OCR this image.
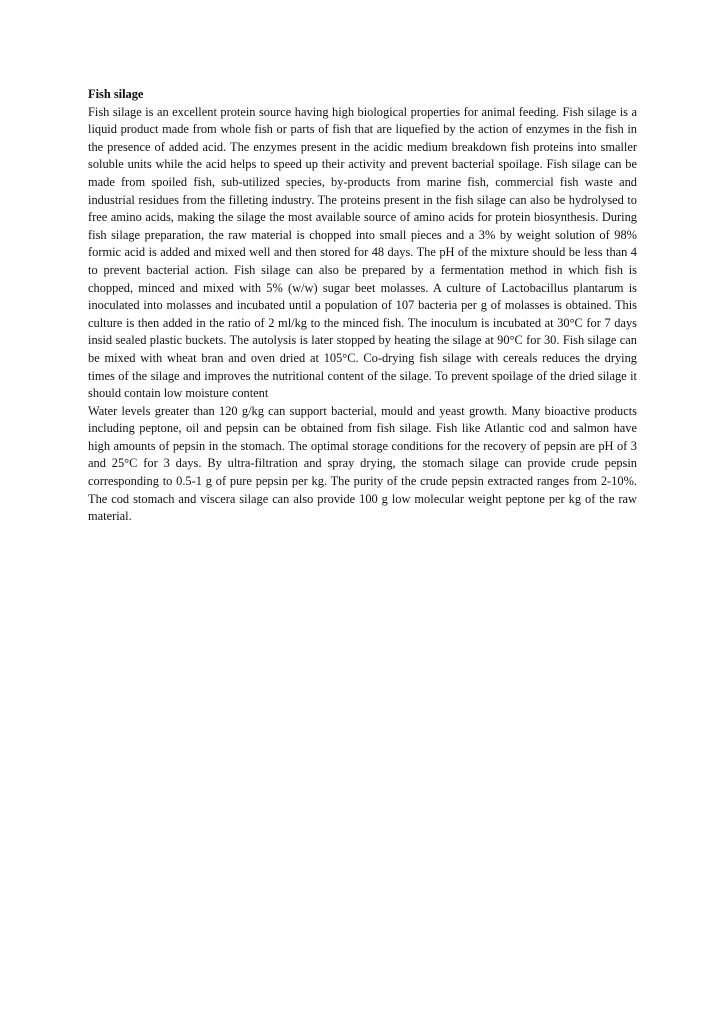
Fish silage

Fish silage is an excellent protein source having high biological properties for animal feeding. Fish silage is a liquid product made from whole fish or parts of fish that are liquefied by the action of enzymes in the fish in the presence of added acid. The enzymes present in the acidic medium breakdown fish proteins into smaller soluble units while the acid helps to speed up their activity and prevent bacterial spoilage. Fish silage can be made from spoiled fish, sub-utilized species, by-products from marine fish, commercial fish waste and industrial residues from the filleting industry. The proteins present in the fish silage can also be hydrolysed to free amino acids, making the silage the most available source of amino acids for protein biosynthesis. During fish silage preparation, the raw material is chopped into small pieces and a 3% by weight solution of 98% formic acid is added and mixed well and then stored for 48 days. The pH of the mixture should be less than 4 to prevent bacterial action. Fish silage can also be prepared by a fermentation method in which fish is chopped, minced and mixed with 5% (w/w) sugar beet molasses. A culture of Lactobacillus plantarum is inoculated into molasses and incubated until a population of 107 bacteria per g of molasses is obtained. This culture is then added in the ratio of 2 ml/kg to the minced fish. The inoculum is incubated at 30°C for 7 days insid sealed plastic buckets. The autolysis is later stopped by heating the silage at 90°C for 30. Fish silage can be mixed with wheat bran and oven dried at 105°C. Co-drying fish silage with cereals reduces the drying times of the silage and improves the nutritional content of the silage. To prevent spoilage of the dried silage it should contain low moisture content

Water levels greater than 120 g/kg can support bacterial, mould and yeast growth. Many bioactive products including peptone, oil and pepsin can be obtained from fish silage. Fish like Atlantic cod and salmon have high amounts of pepsin in the stomach. The optimal storage conditions for the recovery of pepsin are pH of 3 and 25°C for 3 days. By ultra-filtration and spray drying, the stomach silage can provide crude pepsin corresponding to 0.5-1 g of pure pepsin per kg. The purity of the crude pepsin extracted ranges from 2-10%. The cod stomach and viscera silage can also provide 100 g low molecular weight peptone per kg of the raw material.
